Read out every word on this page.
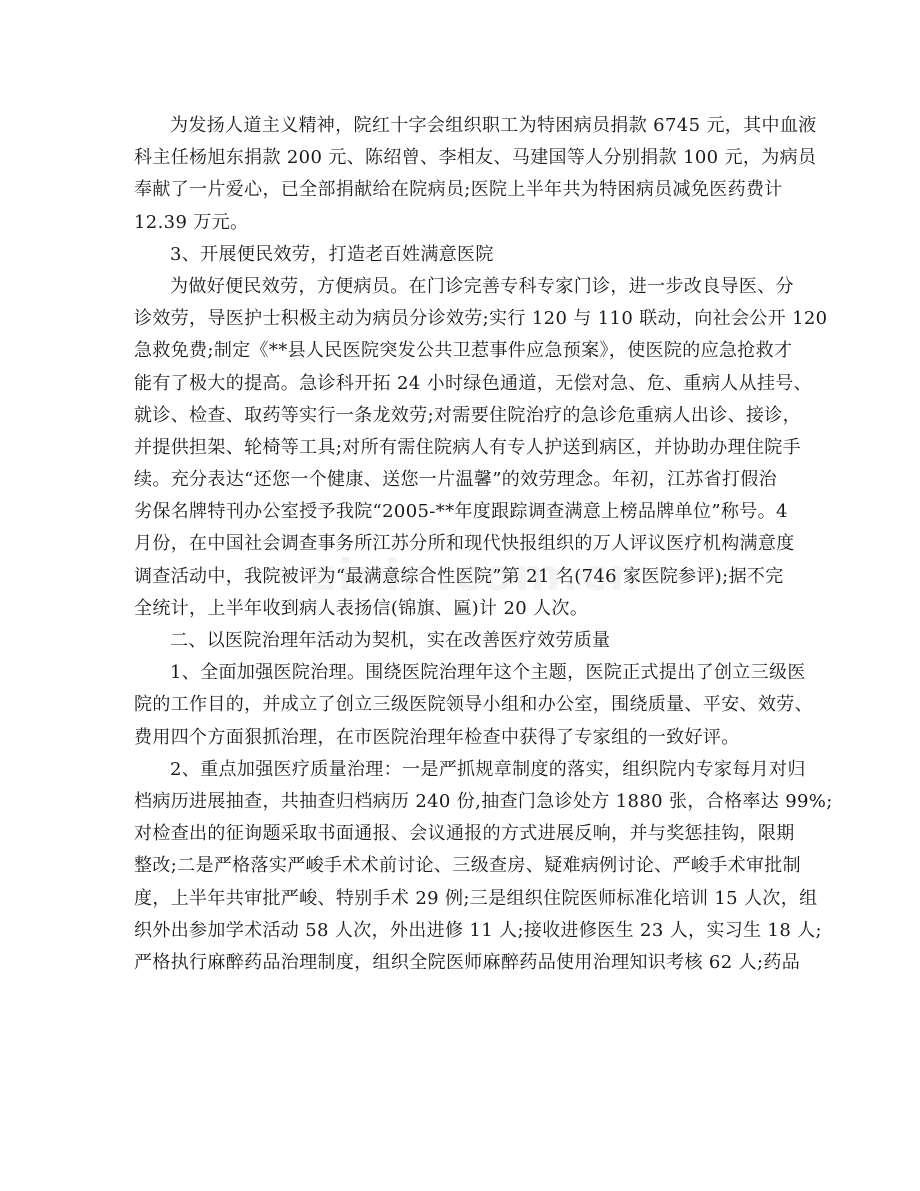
为发扬人道主义精神，院红十字会组织职工为特困病员捐款 6745 元，其中血液
科主任杨旭东捐款 200 元、陈绍曾、李相友、马建国等人分别捐款 100 元，为病员
奉献了一片爱心，已全部捐献给在院病员;医院上半年共为特困病员减免医药费计
12.39 万元。

3、开展便民效劳，打造老百姓满意医院

为做好便民效劳，方便病员。在门诊完善专科专家门诊，进一步改良导医、分
诊效劳，导医护士积极主动为病员分诊效劳;实行 120 与 110 联动，向社会公开 120
急救免费;制定《**县人民医院突发公共卫惹事件应急预案》，使医院的应急抢救才
能有了极大的提高。急诊科开拓 24 小时绿色通道，无偿对急、危、重病人从挂号、
就诊、检查、取药等实行一条龙效劳;对需要住院治疗的急诊危重病人出诊、接诊，
并提供担架、轮椅等工具;对所有需住院病人有专人护送到病区，并协助办理住院手
续。充分表达“还您一个健康、送您一片温馨”的效劳理念。年初，江苏省打假治
劣保名牌特刊办公室授予我院“2005-**年度跟踪调查满意上榜品牌单位”称号。4
月份，在中国社会调查事务所江苏分所和现代快报组织的万人评议医疗机构满意度
调查活动中，我院被评为“最满意综合性医院”第 21 名(746 家医院参评);据不完
全统计，上半年收到病人表扬信(锦旗、匾)计 20 人次。

二、以医院治理年活动为契机，实在改善医疗效劳质量

1、全面加强医院治理。围绕医院治理年这个主题，医院正式提出了创立三级医
院的工作目的，并成立了创立三级医院领导小组和办公室，围绕质量、平安、效劳、
费用四个方面狠抓治理，在市医院治理年检查中获得了专家组的一致好评。

2、重点加强医疗质量治理：一是严抓规章制度的落实，组织院内专家每月对归
档病历进展抽查，共抽查归档病历 240 份,抽查门急诊处方 1880 张，合格率达 99%;
对检查出的征询题采取书面通报、会议通报的方式进展反响，并与奖惩挂钩，限期
整改;二是严格落实严峻手术术前讨论、三级查房、疑难病例讨论、严峻手术审批制
度，上半年共审批严峻、特别手术 29 例;三是组织住院医师标准化培训 15 人次，组
织外出参加学术活动 58 人次，外出进修 11 人;接收进修医生 23 人，实习生 18 人;
严格执行麻醉药品治理制度，组织全院医师麻醉药品使用治理知识考核 62 人;药品
